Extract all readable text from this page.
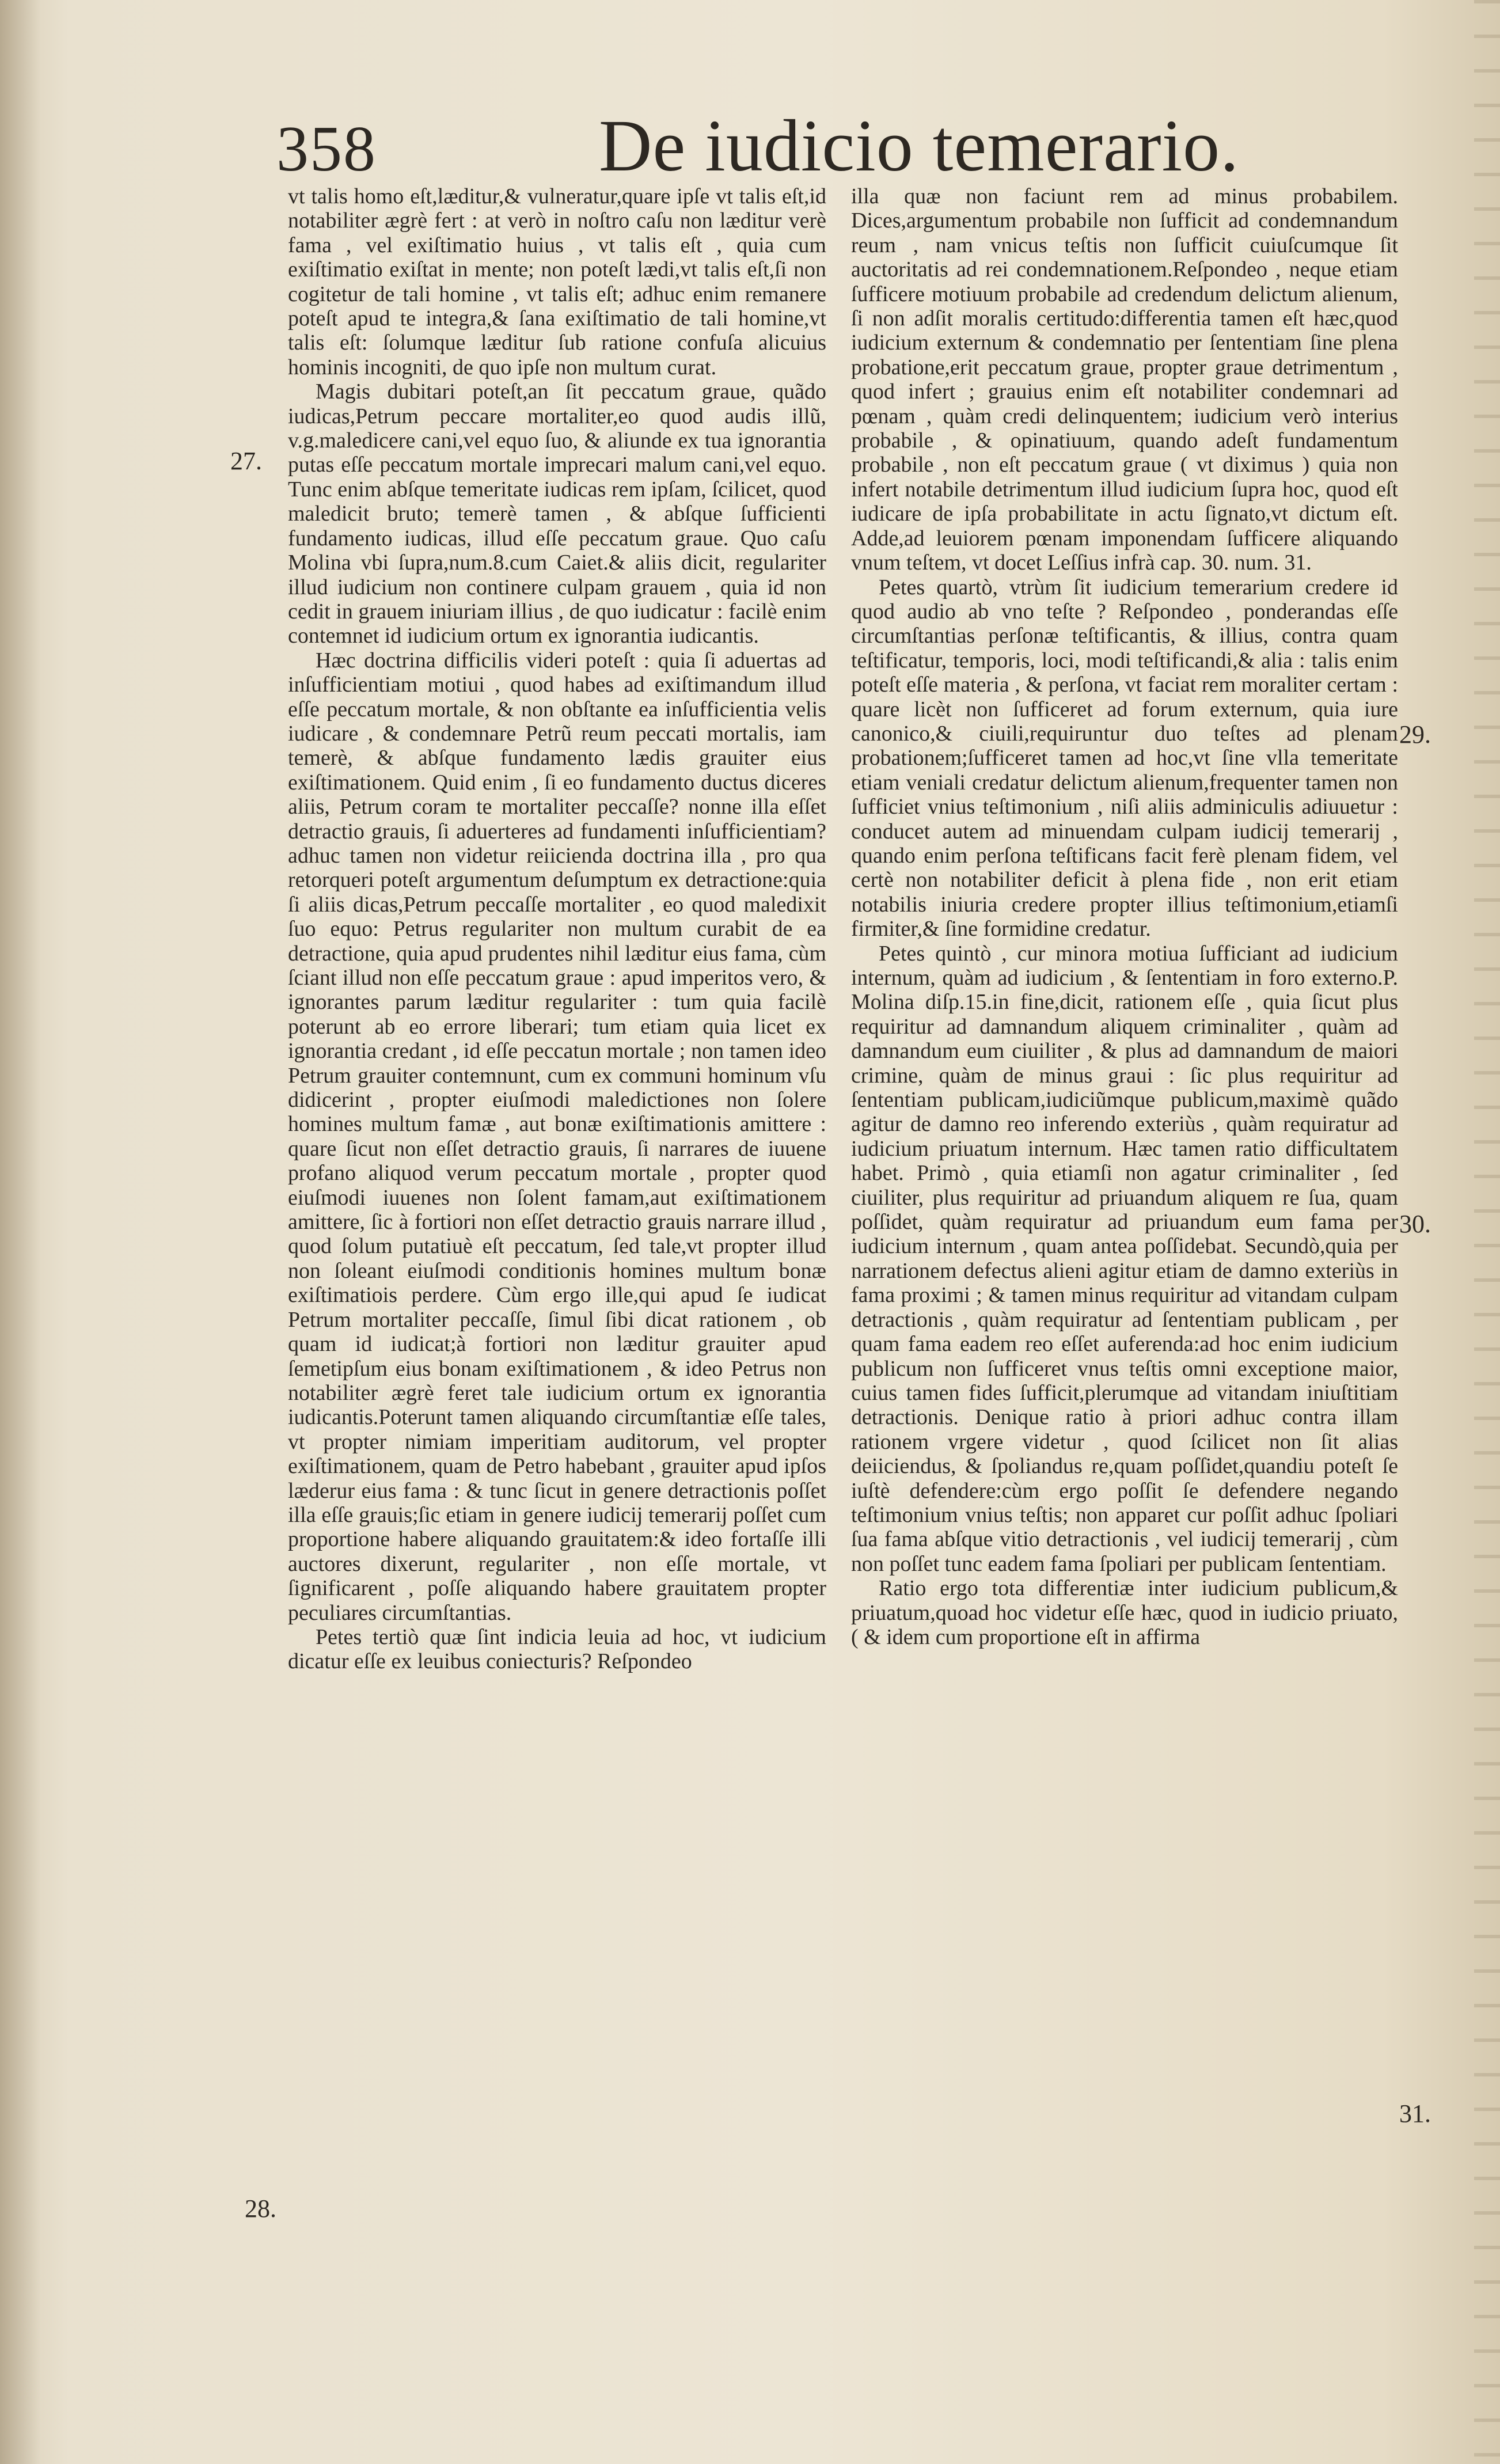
358	De iudicio temerario.

vt talis homo eſt,læditur,& vulneratur,quare ipſe vt talis eſt,id notabiliter ægrè fert : at verò in noſtro caſu non læditur verè fama , vel exiſtimatio huius , vt talis eſt , quia cum exiſtimatio exiſtat in mente; non poteſt lædi,vt talis eſt,ſi non cogitetur de tali homine , vt talis eſt; adhuc enim remanere poteſt apud te integra,& ſana exiſtimatio de tali homine,vt talis eſt: ſolumque læditur ſub ratione confuſa alicuius hominis incogniti, de quo ipſe non multum curat.

Magis dubitari poteſt,an ſit peccatum graue, quãdo iudicas,Petrum peccare mortaliter,eo quod audis illũ, v.g.maledicere cani,vel equo ſuo, & aliunde ex tua ignorantia putas eſſe peccatum mortale imprecari malum cani,vel equo. Tunc enim abſque temeritate iudicas rem ipſam, ſcilicet, quod maledicit bruto; temerè tamen , & abſque ſufficienti fundamento iudicas, illud eſſe peccatum graue. Quo caſu Molina vbi ſupra,num.8.cum Caiet.& aliis dicit, regulariter illud iudicium non continere culpam grauem , quia id non cedit in grauem iniuriam illius , de quo iudicatur : facilè enim contemnet id iudicium ortum ex ignorantia iudicantis.

Hæc doctrina difficilis videri poteſt : quia ſi aduertas ad inſufficientiam motiui , quod habes ad exiſtimandum illud eſſe peccatum mortale, & non obſtante ea inſufficientia velis iudicare , & condemnare Petrũ reum peccati mortalis, iam temerè, & abſque fundamento lædis grauiter eius exiſtimationem. Quid enim , ſi eo fundamento ductus diceres aliis, Petrum coram te mortaliter peccaſſe? nonne illa eſſet detractio grauis, ſi aduerteres ad fundamenti inſufficientiam? adhuc tamen non videtur reiicienda doctrina illa , pro qua retorqueri poteſt argumentum deſumptum ex detractione:quia ſi aliis dicas,Petrum peccaſſe mortaliter , eo quod maledixit ſuo equo: Petrus regulariter non multum curabit de ea detractione, quia apud prudentes nihil læditur eius fama, cùm ſciant illud non eſſe peccatum graue : apud imperitos vero, & ignorantes parum læditur regulariter : tum quia facilè poterunt ab eo errore liberari; tum etiam quia licet ex ignorantia credant , id eſſe peccatun mortale ; non tamen ideo Petrum grauiter contemnunt, cum ex communi hominum vſu didicerint , propter eiuſmodi maledictiones non ſolere homines multum famæ , aut bonæ exiſtimationis amittere : quare ſicut non eſſet detractio grauis, ſi narrares de iuuene profano aliquod verum peccatum mortale , propter quod eiuſmodi iuuenes non ſolent famam,aut exiſtimationem amittere, ſic à fortiori non eſſet detractio grauis narrare illud , quod ſolum putatiuè eſt peccatum, ſed tale,vt propter illud non ſoleant eiuſmodi conditionis homines multum bonæ exiſtimatiois perdere. Cùm ergo ille,qui apud ſe iudicat Petrum mortaliter peccaſſe, ſimul ſibi dicat rationem , ob quam id iudicat;à fortiori non læditur grauiter apud ſemetipſum eius bonam exiſtimationem , & ideo Petrus non notabiliter ægrè feret tale iudicium ortum ex ignorantia iudicantis.Poterunt tamen aliquando circumſtantiæ eſſe tales, vt propter nimiam imperitiam auditorum, vel propter exiſtimationem, quam de Petro habebant , grauiter apud ipſos læderur eius fama : & tunc ſicut in genere detractionis poſſet illa eſſe grauis;ſic etiam in genere iudicij temerarij poſſet cum proportione habere aliquando grauitatem:& ideo fortaſſe illi auctores dixerunt, regulariter , non eſſe mortale, vt ſignificarent , poſſe aliquando habere grauitatem propter peculiares circumſtantias.

Petes tertiò quæ ſint indicia leuia ad hoc, vt iudicium dicatur eſſe ex leuibus coniecturis? Reſpondeo

illa quæ non faciunt rem ad minus probabilem. Dices,argumentum probabile non ſufficit ad condemnandum reum , nam vnicus teſtis non ſufficit cuiuſcumque ſit auctoritatis ad rei condemnationem.Reſpondeo , neque etiam ſufficere motiuum probabile ad credendum delictum alienum, ſi non adſit moralis certitudo:differentia tamen eſt hæc,quod iudicium externum & condemnatio per ſententiam ſine plena probatione,erit peccatum graue, propter graue detrimentum , quod infert ; grauius enim eſt notabiliter condemnari ad pœnam , quàm credi delinquentem; iudicium verò interius probabile , & opinatiuum, quando adeſt fundamentum probabile , non eſt peccatum graue ( vt diximus ) quia non infert notabile detrimentum illud iudicium ſupra hoc, quod eſt iudicare de ipſa probabilitate in actu ſignato,vt dictum eſt. Adde,ad leuiorem pœnam imponendam ſufficere aliquando vnum teſtem, vt docet Leſſius infrà cap. 30. num. 31.

Petes quartò, vtrùm ſit iudicium temerarium credere id quod audio ab vno teſte ? Reſpondeo , ponderandas eſſe circumſtantias perſonæ teſtificantis, & illius, contra quam teſtificatur, temporis, loci, modi teſtificandi,& alia : talis enim poteſt eſſe materia , & perſona, vt faciat rem moraliter certam : quare licèt non ſufficeret ad forum externum, quia iure canonico,& ciuili,requiruntur duo teſtes ad plenam probationem;ſufficeret tamen ad hoc,vt ſine vlla temeritate etiam veniali credatur delictum alienum,frequenter tamen non ſufficiet vnius teſtimonium , niſi aliis adminiculis adiuuetur : conducet autem ad minuendam culpam iudicij temerarij , quando enim perſona teſtificans facit ferè plenam fidem, vel certè non notabiliter deficit à plena fide , non erit etiam notabilis iniuria credere propter illius teſtimonium,etiamſi firmiter,& ſine formidine credatur.

Petes quintò , cur minora motiua ſufficiant ad iudicium internum, quàm ad iudicium , & ſententiam in foro externo.P. Molina diſp.15.in fine,dicit, rationem eſſe , quia ſicut plus requiritur ad damnandum aliquem criminaliter , quàm ad damnandum eum ciuiliter , & plus ad damnandum de maiori crimine, quàm de minus graui : ſic plus requiritur ad ſententiam publicam,iudiciũmque publicum,maximè quãdo agitur de damno reo inferendo exteriùs , quàm requiratur ad iudicium priuatum internum. Hæc tamen ratio difficultatem habet. Primò , quia etiamſi non agatur criminaliter , ſed ciuiliter, plus requiritur ad priuandum aliquem re ſua, quam poſſidet, quàm requiratur ad priuandum eum fama per iudicium internum , quam antea poſſidebat. Secundò,quia per narrationem defectus alieni agitur etiam de damno exteriùs in fama proximi ; & tamen minus requiritur ad vitandam culpam detractionis , quàm requiratur ad ſententiam publicam , per quam fama eadem reo eſſet auferenda:ad hoc enim iudicium publicum non ſufficeret vnus teſtis omni exceptione maior, cuius tamen fides ſufficit,plerumque ad vitandam iniuſtitiam detractionis. Denique ratio à priori adhuc contra illam rationem vrgere videtur , quod ſcilicet non ſit alias deiiciendus, & ſpoliandus re,quam poſſidet,quandiu poteſt ſe iuſtè defendere:cùm ergo poſſit ſe defendere negando teſtimonium vnius teſtis; non apparet cur poſſit adhuc ſpoliari ſua fama abſque vitio detractionis , vel iudicij temerarij , cùm non poſſet tunc eadem fama ſpoliari per publicam ſententiam.

Ratio ergo tota differentiæ inter iudicium publicum,& priuatum,quoad hoc videtur eſſe hæc, quod in iudicio priuato, ( & idem cum proportione eſt in affirma

27.
28.
29.
30.
31.
